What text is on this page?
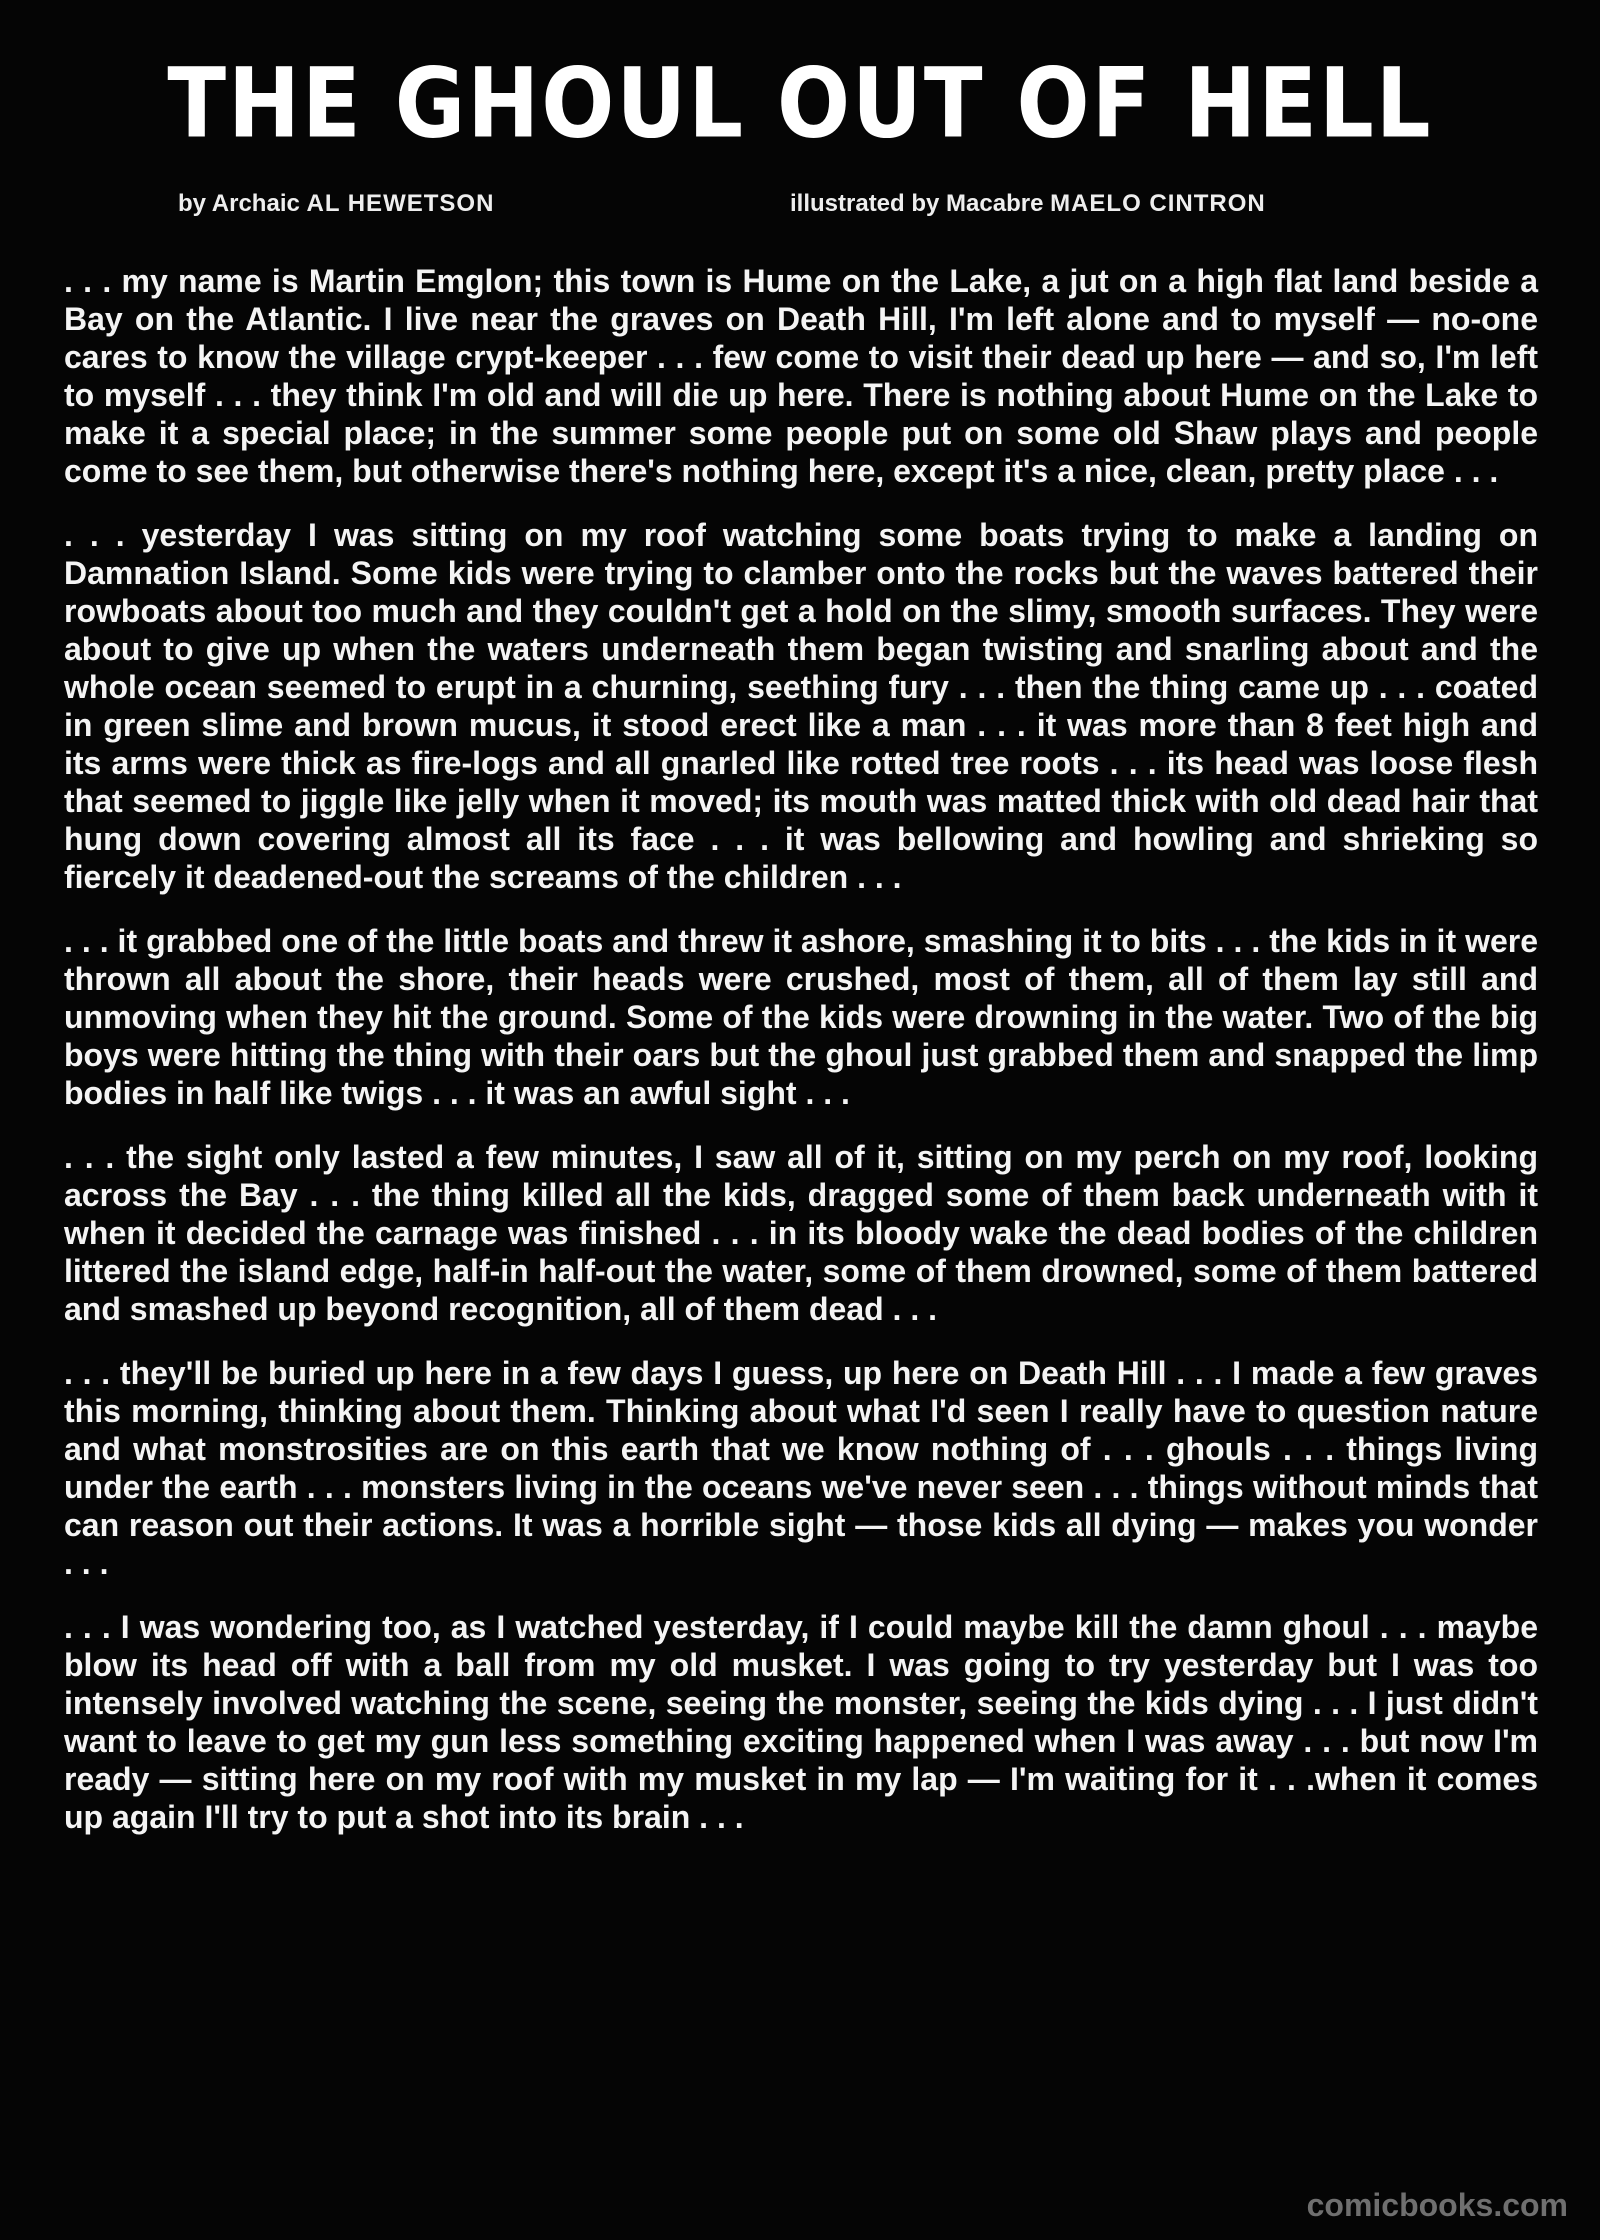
THE GHOUL OUT OF HELL
by Archaic AL HEWETSON	illustrated by Macabre MAELO CINTRON

. . . my name is Martin Emglon; this town is Hume on the Lake, a jut on a high flat land beside a Bay on the Atlantic. I live near the graves on Death Hill, I'm left alone and to myself — no-one cares to know the village crypt-keeper . . . few come to visit their dead up here — and so, I'm left to myself . . . they think I'm old and will die up here. There is nothing about Hume on the Lake to make it a special place; in the summer some people put on some old Shaw plays and people come to see them, but otherwise there's nothing here, except it's a nice, clean, pretty place . . .

. . . yesterday I was sitting on my roof watching some boats trying to make a landing on Damnation Island. Some kids were trying to clamber onto the rocks but the waves battered their rowboats about too much and they couldn't get a hold on the slimy, smooth surfaces. They were about to give up when the waters underneath them began twisting and snarling about and the whole ocean seemed to erupt in a churning, seething fury . . . then the thing came up . . . coated in green slime and brown mucus, it stood erect like a man . . . it was more than 8 feet high and its arms were thick as fire-logs and all gnarled like rotted tree roots . . . its head was loose flesh that seemed to jiggle like jelly when it moved; its mouth was matted thick with old dead hair that hung down covering almost all its face . . . it was bellowing and howling and shrieking so fiercely it deadened-out the screams of the children . . .

. . . it grabbed one of the little boats and threw it ashore, smashing it to bits . . . the kids in it were thrown all about the shore, their heads were crushed, most of them, all of them lay still and unmoving when they hit the ground. Some of the kids were drowning in the water. Two of the big boys were hitting the thing with their oars but the ghoul just grabbed them and snapped the limp bodies in half like twigs . . . it was an awful sight . . .

. . . the sight only lasted a few minutes, I saw all of it, sitting on my perch on my roof, looking across the Bay . . . the thing killed all the kids, dragged some of them back underneath with it when it decided the carnage was finished . . . in its bloody wake the dead bodies of the children littered the island edge, half-in half-out the water, some of them drowned, some of them battered and smashed up beyond recognition, all of them dead . . .

. . . they'll be buried up here in a few days I guess, up here on Death Hill . . . I made a few graves this morning, thinking about them. Thinking about what I'd seen I really have to question nature and what monstrosities are on this earth that we know nothing of . . . ghouls . . . things living under the earth . . . monsters living in the oceans we've never seen . . . things without minds that can reason out their actions. It was a horrible sight — those kids all dying — makes you wonder . . .

. . . I was wondering too, as I watched yesterday, if I could maybe kill the damn ghoul . . . maybe blow its head off with a ball from my old musket. I was going to try yesterday but I was too intensely involved watching the scene, seeing the monster, seeing the kids dying . . . I just didn't want to leave to get my gun less something exciting happened when I was away . . . but now I'm ready — sitting here on my roof with my musket in my lap — I'm waiting for it . . .when it comes up again I'll try to put a shot into its brain . . .

comicbooks.com
